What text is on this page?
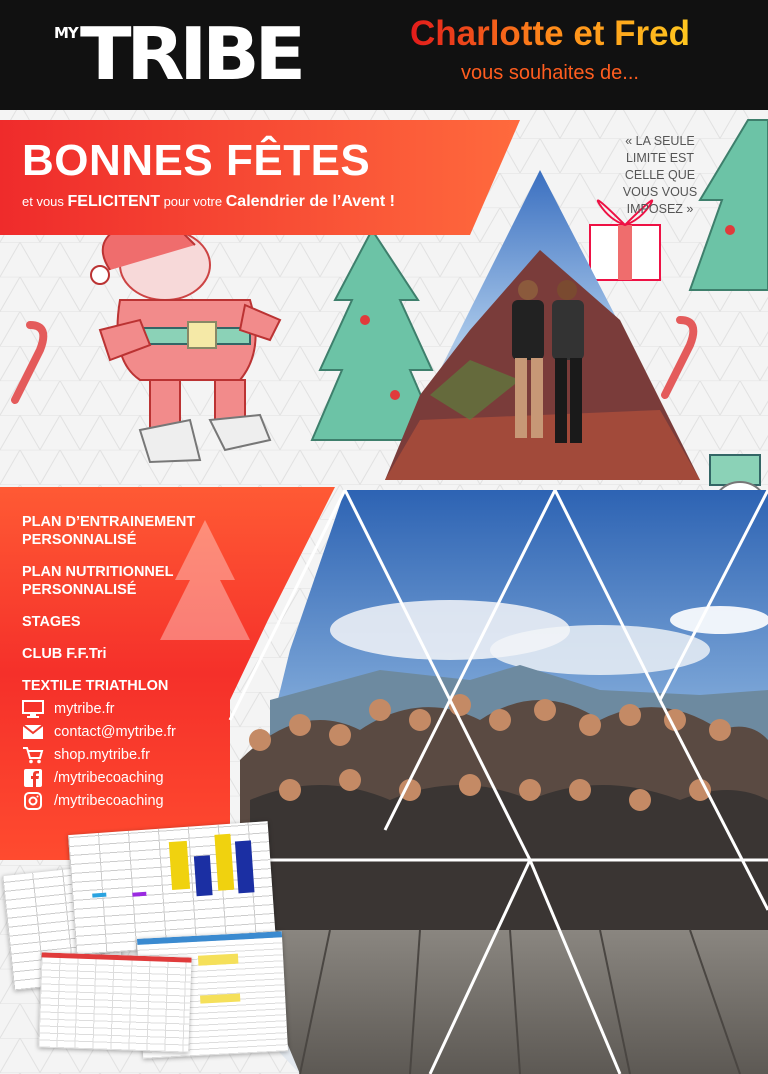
MY TRIBE	Charlotte et Fred
vous souhaites de...
BONNES FÊTES
et vous FELICITENT pour votre Calendrier de l’Avent !
« LA SEULE
LIMITE EST
CELLE QUE
VOUS VOUS
IMPOSEZ »
PLAN D’ENTRAINEMENT PERSONNALISÉ
PLAN NUTRITIONNEL PERSONNALISÉ
STAGES
CLUB F.F.Tri
TEXTILE TRIATHLON
mytribe.fr
contact@mytribe.fr
shop.mytribe.fr
/mytribecoaching
/mytribecoaching
